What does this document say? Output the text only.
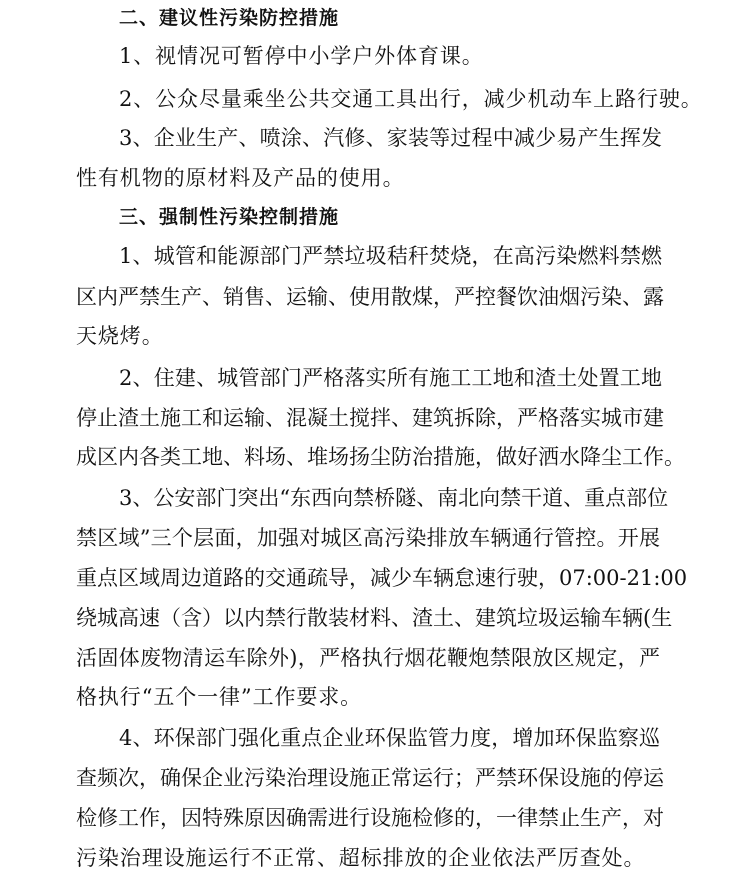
二、建议性污染防控措施
1、视情况可暂停中小学户外体育课。
2、公众尽量乘坐公共交通工具出行，减少机动车上路行驶。
3、企业生产、喷涂、汽修、家装等过程中减少易产生挥发
性有机物的原材料及产品的使用。
三、强制性污染控制措施
1、城管和能源部门严禁垃圾秸秆焚烧，在高污染燃料禁燃
区内严禁生产、销售、运输、使用散煤，严控餐饮油烟污染、露
天烧烤。
2、住建、城管部门严格落实所有施工工地和渣土处置工地
停止渣土施工和运输、混凝土搅拌、建筑拆除，严格落实城市建
成区内各类工地、料场、堆场扬尘防治措施，做好洒水降尘工作。
3、公安部门突出“东西向禁桥隧、南北向禁干道、重点部位
禁区域”三个层面，加强对城区高污染排放车辆通行管控。开展
重点区域周边道路的交通疏导，减少车辆怠速行驶，07:00-21:00
绕城高速（含）以内禁行散装材料、渣土、建筑垃圾运输车辆(生
活固体废物清运车除外)，严格执行烟花鞭炮禁限放区规定，严
格执行“五个一律”工作要求。
4、环保部门强化重点企业环保监管力度，增加环保监察巡
查频次，确保企业污染治理设施正常运行；严禁环保设施的停运
检修工作，因特殊原因确需进行设施检修的，一律禁止生产，对
污染治理设施运行不正常、超标排放的企业依法严厉查处。
